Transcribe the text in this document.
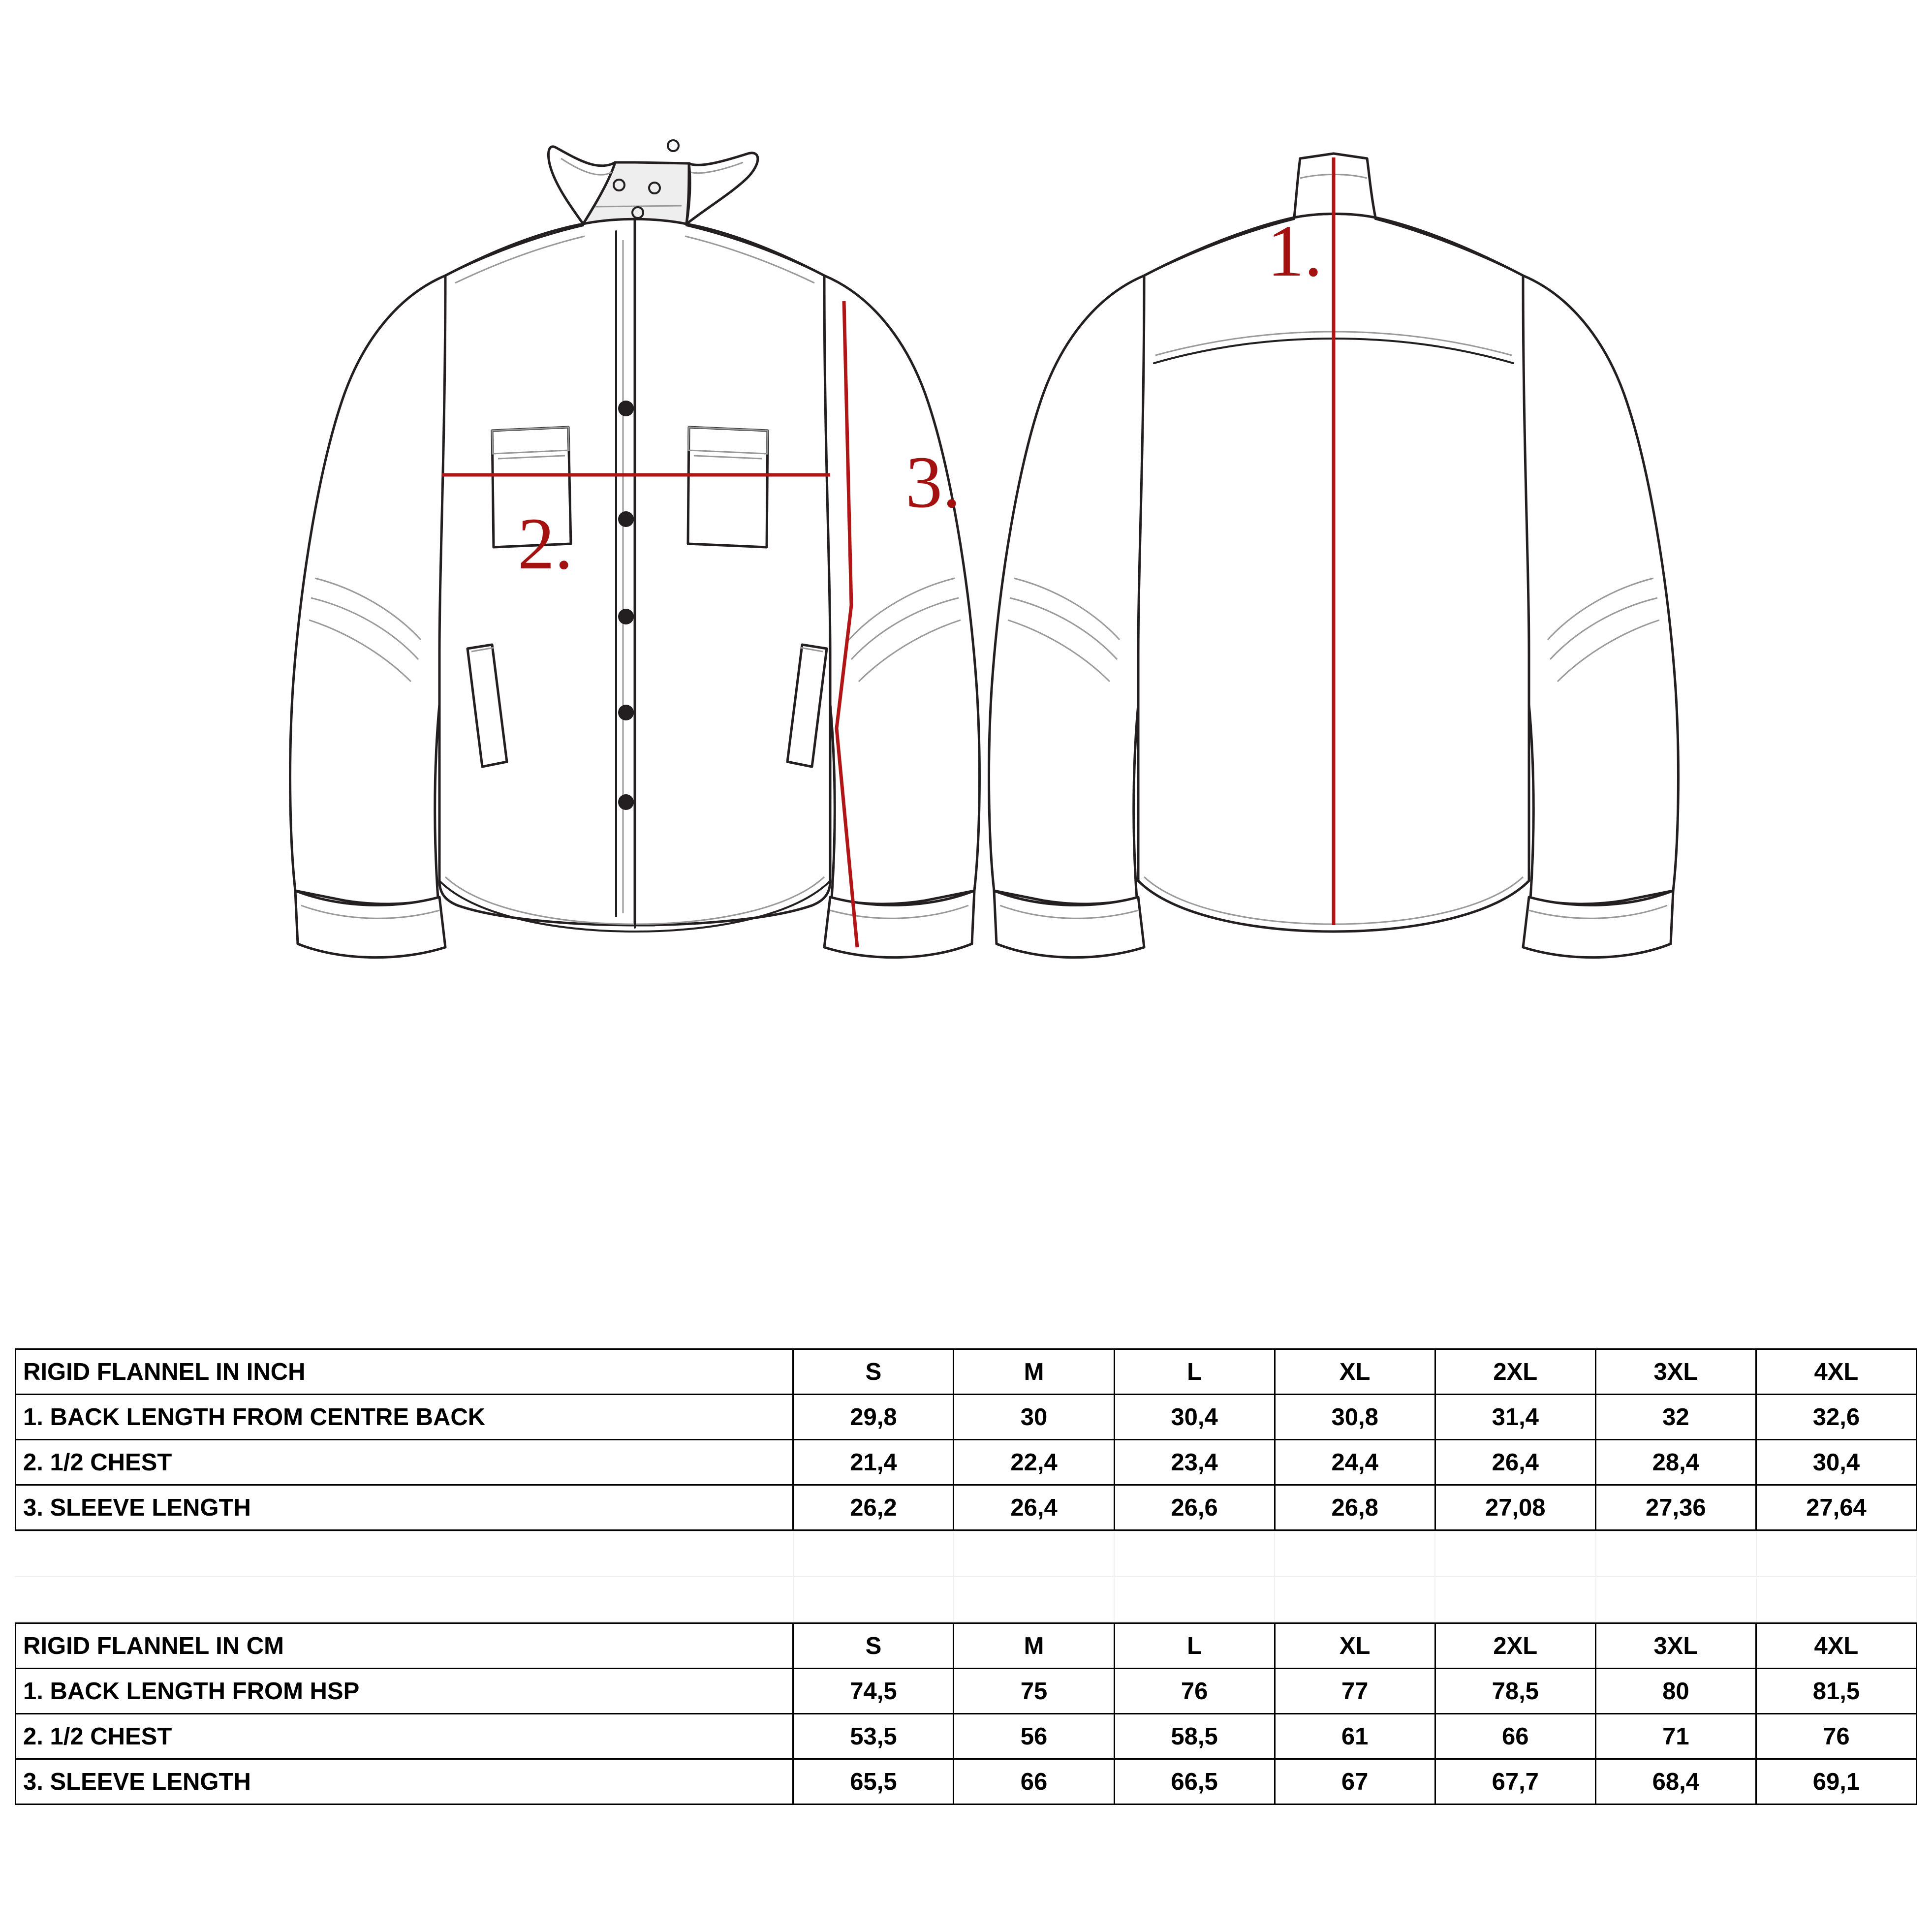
2.
3.
1.
RIGID FLANNEL IN INCH	S	M	L	XL	2XL	3XL	4XL
1. BACK LENGTH FROM CENTRE BACK	29,8	30	30,4	30,8	31,4	32	32,6
2. 1/2 CHEST	21,4	22,4	23,4	24,4	26,4	28,4	30,4
3. SLEEVE LENGTH	26,2	26,4	26,6	26,8	27,08	27,36	27,64

RIGID FLANNEL IN CM	S	M	L	XL	2XL	3XL	4XL
1. BACK LENGTH FROM HSP	74,5	75	76	77	78,5	80	81,5
2. 1/2 CHEST	53,5	56	58,5	61	66	71	76
3. SLEEVE LENGTH	65,5	66	66,5	67	67,7	68,4	69,1
